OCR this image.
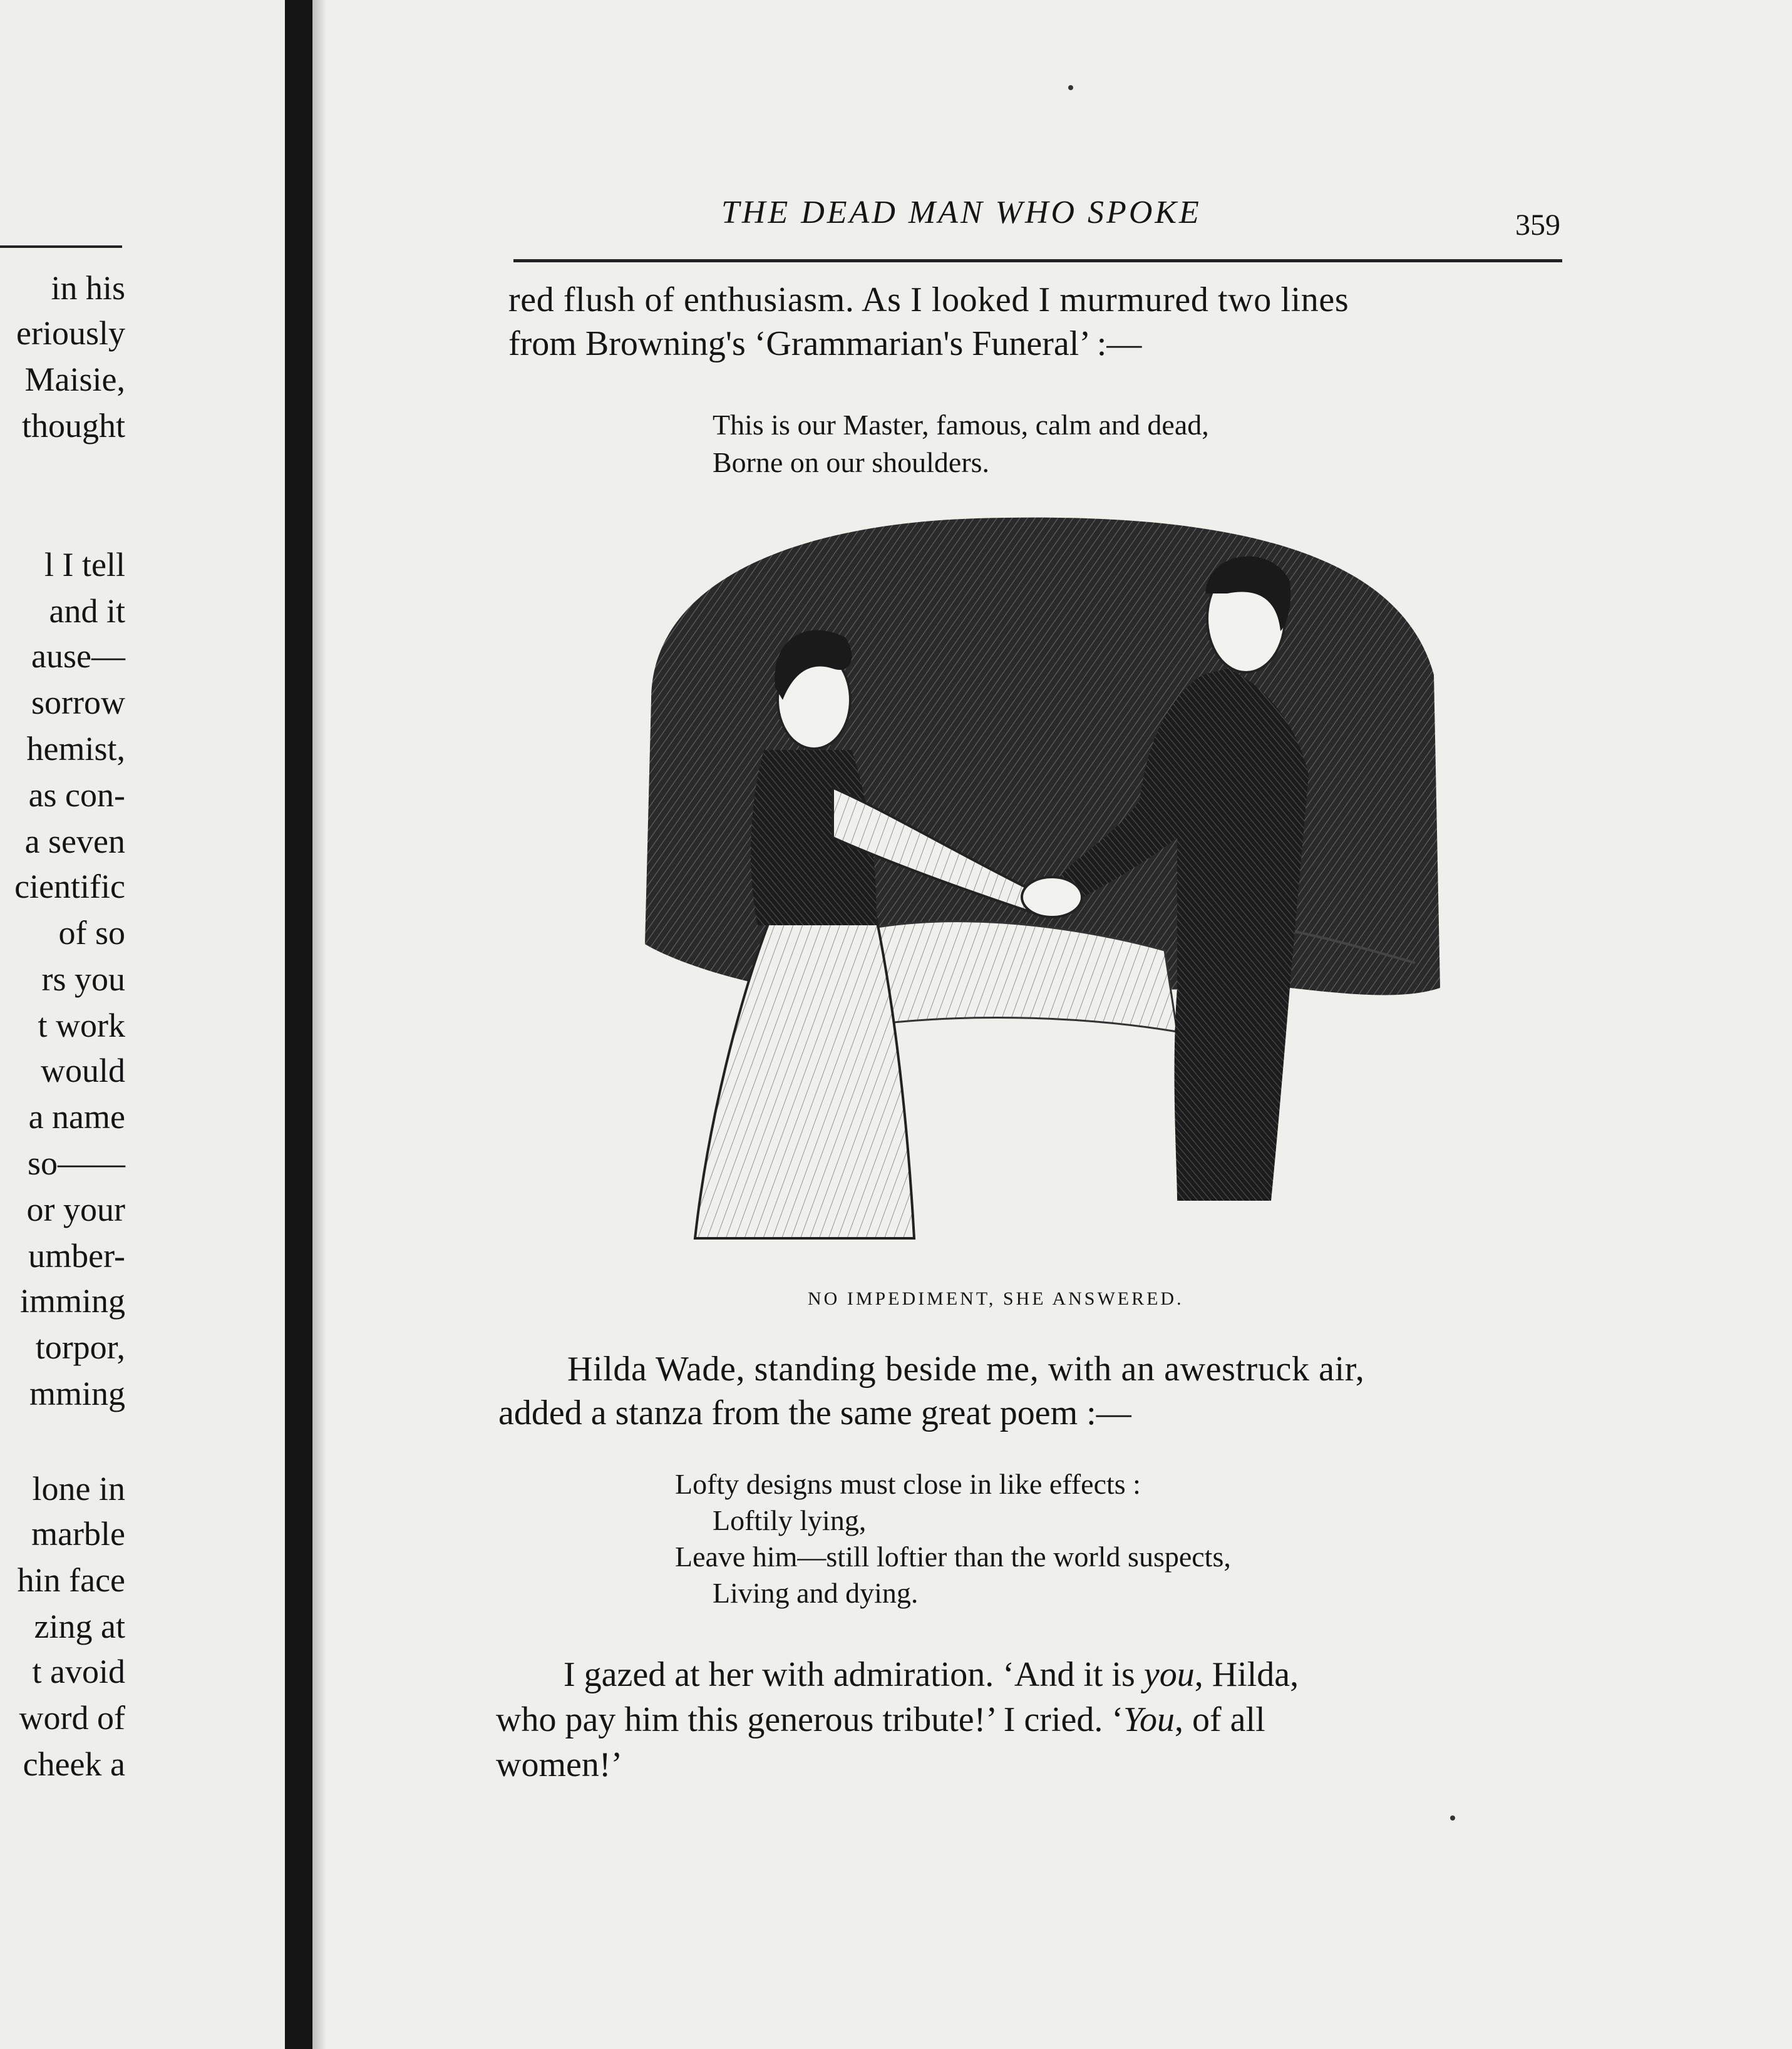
in his
eriously
Maisie,
thought
l I tell
and it
ause—
sorrow
hemist,
as con-
a seven
cientific
of so
rs you
t work
would
a name
so——
or your
umber-
imming
torpor,
mming
lone in
marble
hin face
zing at
t avoid
word of
cheek a
THE DEAD MAN WHO SPOKE	359
red flush of enthusiasm. As I looked I murmured two lines
from Browning's ‘Grammarian's Funeral’ :—
This is our Master, famous, calm and dead,
Borne on our shoulders.
NO IMPEDIMENT, SHE ANSWERED.
Hilda Wade, standing beside me, with an awestruck air,
added a stanza from the same great poem :—
Lofty designs must close in like effects :
Loftily lying,
Leave him—still loftier than the world suspects,
Living and dying.
I gazed at her with admiration. ‘And it is you, Hilda,
who pay him this generous tribute!’ I cried. ‘You, of all
women!’
